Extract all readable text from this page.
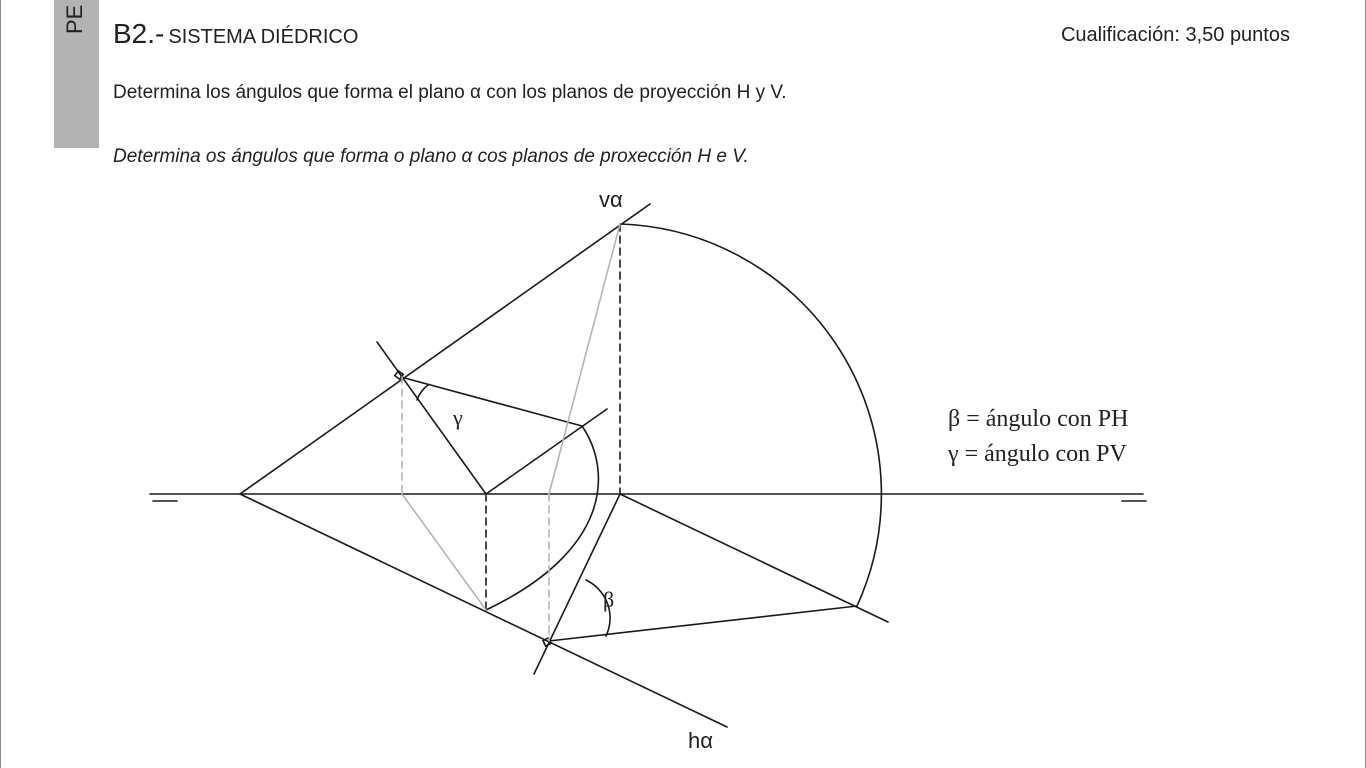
PE B2.- SISTEMA DIÉDRICO	Cualificación: 3,50 puntos
Determina los ángulos que forma el plano α con los planos de proyección H y V.
Determina os ángulos que forma o plano α cos planos de proxección H e V.
vα
hα
γ
β
β = ángulo con PH
γ = ángulo con PV
